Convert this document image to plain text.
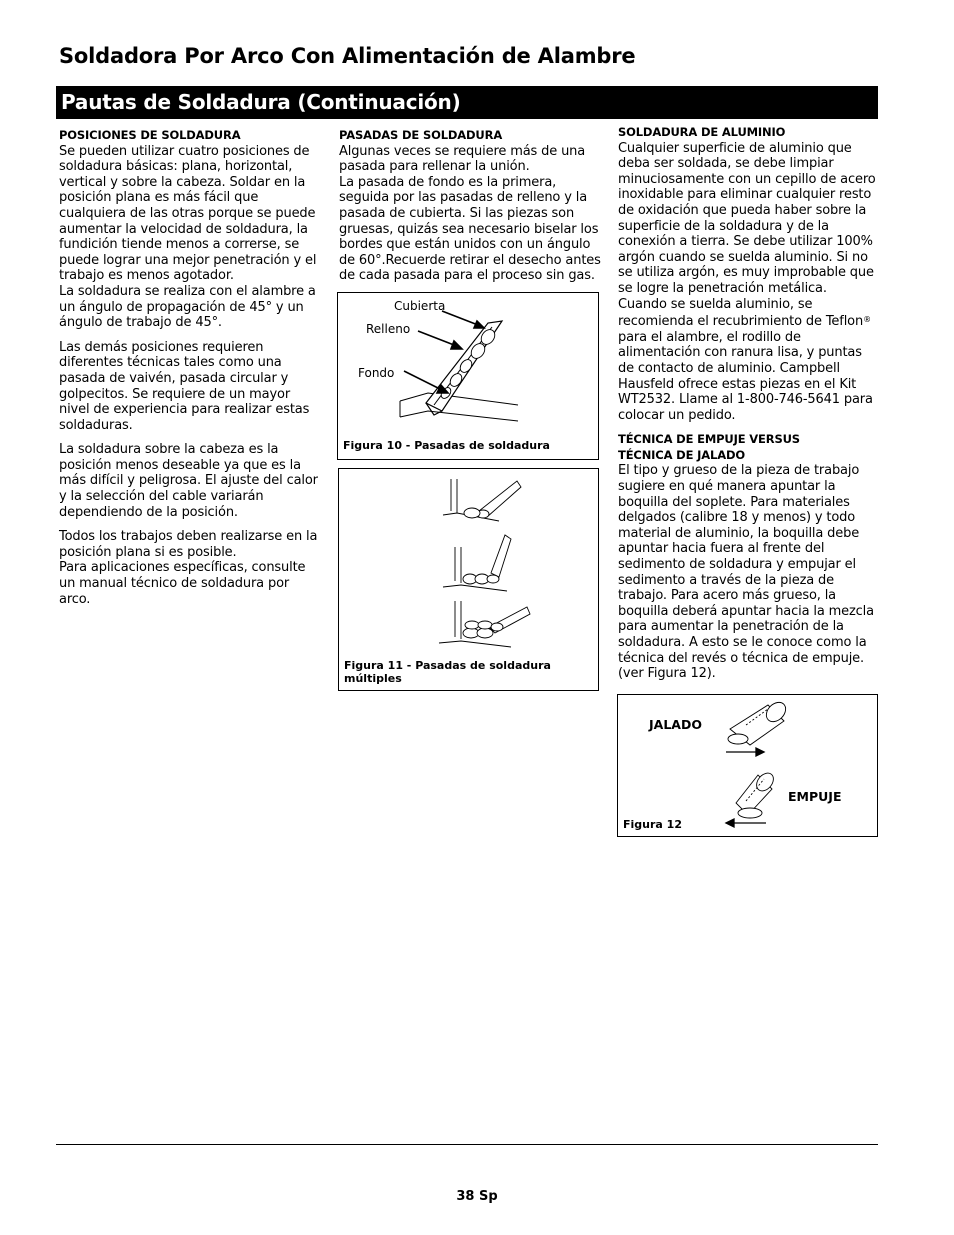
Soldadora Por Arco Con Alimentación de Alambre
Pautas de Soldadura (Continuación)
POSICIONES DE SOLDADURA

Se pueden utilizar cuatro posiciones de soldadura básicas: plana, horizontal, vertical y sobre la cabeza. Soldar en la posición plana es más fácil que cualquiera de las otras porque se puede aumentar la velocidad de soldadura, la fundición tiende menos a correrse, se puede lograr una mejor penetración y el trabajo es menos agotador.
La soldadura se realiza con el alambre a un ángulo de propagación de 45° y un ángulo de trabajo de 45°.

Las demás posiciones requieren diferentes técnicas tales como una pasada de vaivén, pasada circular y golpecitos. Se requiere de un mayor nivel de experiencia para realizar estas soldaduras.

La soldadura sobre la cabeza es la posición menos deseable ya que es la más difícil y peligrosa. El ajuste del calor y la selección del cable variarán dependiendo de la posición.

Todos los trabajos deben realizarse en la posición plana si es posible.
Para aplicaciones específicas, consulte un manual técnico de soldadura por arco.

PASADAS DE SOLDADURA

Algunas veces se requiere más de una pasada para rellenar la unión.
La pasada de fondo es la primera, seguida por las pasadas de relleno y la pasada de cubierta. Si las piezas son gruesas, quizás sea necesario biselar los bordes que están unidos con un ángulo de 60°.Recuerde retirar el desecho antes de cada pasada para el proceso sin gas.

Cubierta
Relleno
Fondo
Figura 10 - Pasadas de soldadura
Figura 11 - Pasadas de soldadura
múltiples
SOLDADURA DE ALUMINIO

Cualquier superficie de aluminio que deba ser soldada, se debe limpiar minuciosamente con un cepillo de acero inoxidable para eliminar cualquier resto de oxidación que pueda haber sobre la superficie de la soldadura y de la conexión a tierra. Se debe utilizar 100% argón cuando se suelda aluminio. Si no se utiliza argón, es muy improbable que se logre la penetración metálica.
Cuando se suelda aluminio, se recomienda el recubrimiento de Teflon® para el alambre, el rodillo de alimentación con ranura lisa, y puntas de contacto de aluminio. Campbell Hausfeld ofrece estas piezas en el Kit WT2532. Llame al 1-800-746-5641 para colocar un pedido.

TÉCNICA DE EMPUJE VERSUS
TÉCNICA DE JALADO

El tipo y grueso de la pieza de trabajo sugiere en qué manera apuntar la boquilla del soplete. Para materiales delgados (calibre 18 y menos) y todo material de aluminio, la boquilla debe apuntar hacia fuera al frente del sedimento de soldadura y empujar el sedimento a través de la pieza de trabajo. Para acero más grueso, la boquilla deberá apuntar hacia la mezcla para aumentar la penetración de la soldadura. A esto se le conoce como la técnica del revés o técnica de empuje. (ver Figura 12).

JALADO
EMPUJE
Figura 12
38 Sp
